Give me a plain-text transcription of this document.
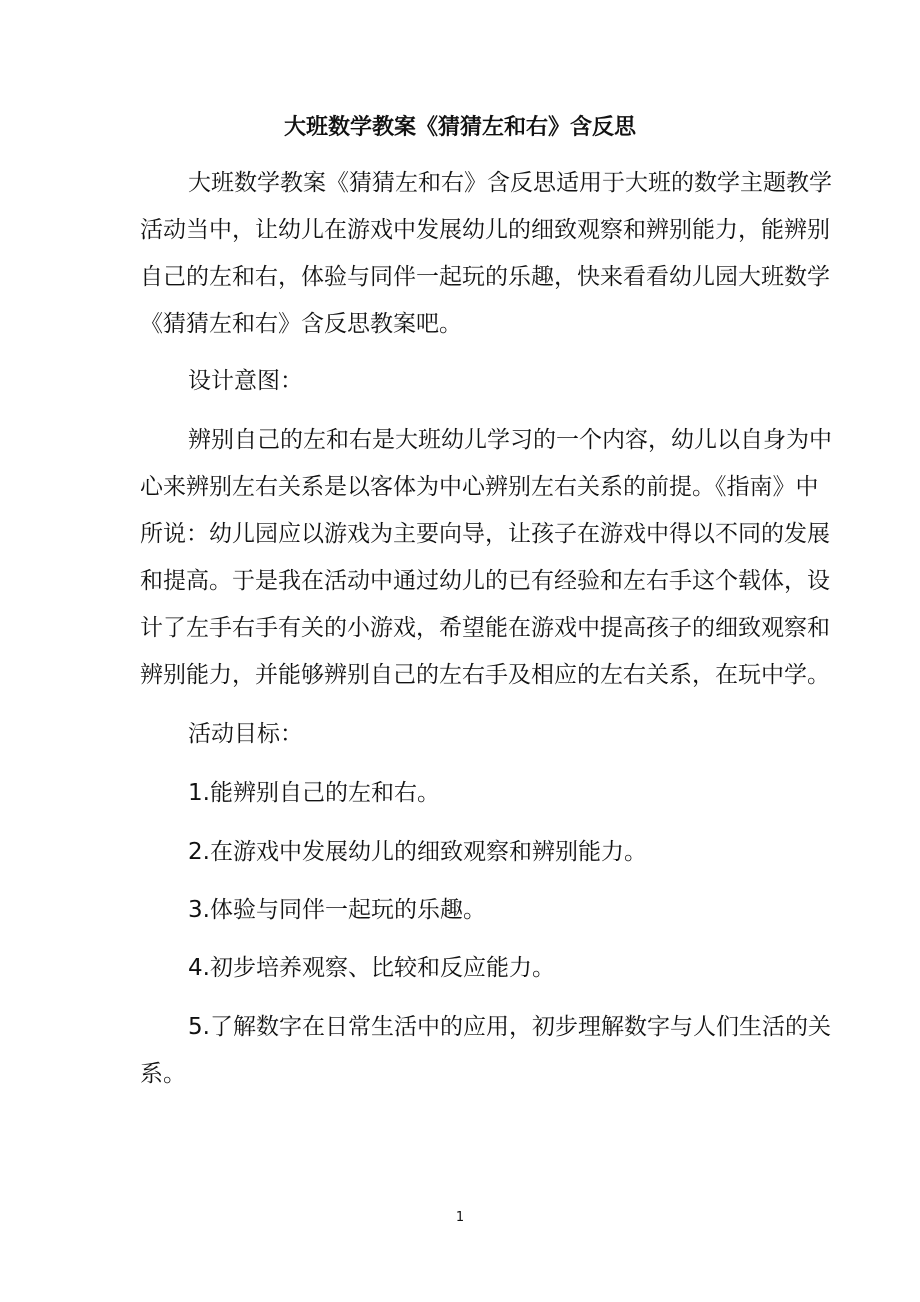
大班数学教案《猜猜左和右》含反思
大班数学教案《猜猜左和右》含反思适用于大班的数学主题教学
活动当中，让幼儿在游戏中发展幼儿的细致观察和辨别能力，能辨别
自己的左和右，体验与同伴一起玩的乐趣，快来看看幼儿园大班数学
《猜猜左和右》含反思教案吧。
设计意图：
辨别自己的左和右是大班幼儿学习的一个内容，幼儿以自身为中
心来辨别左右关系是以客体为中心辨别左右关系的前提。《指南》中
所说：幼儿园应以游戏为主要向导，让孩子在游戏中得以不同的发展
和提高。于是我在活动中通过幼儿的已有经验和左右手这个载体，设
计了左手右手有关的小游戏，希望能在游戏中提高孩子的细致观察和
辨别能力，并能够辨别自己的左右手及相应的左右关系，在玩中学。
活动目标：
1.能辨别自己的左和右。
2.在游戏中发展幼儿的细致观察和辨别能力。
3.体验与同伴一起玩的乐趣。
4.初步培养观察、比较和反应能力。
5.了解数字在日常生活中的应用，初步理解数字与人们生活的关
系。
1
